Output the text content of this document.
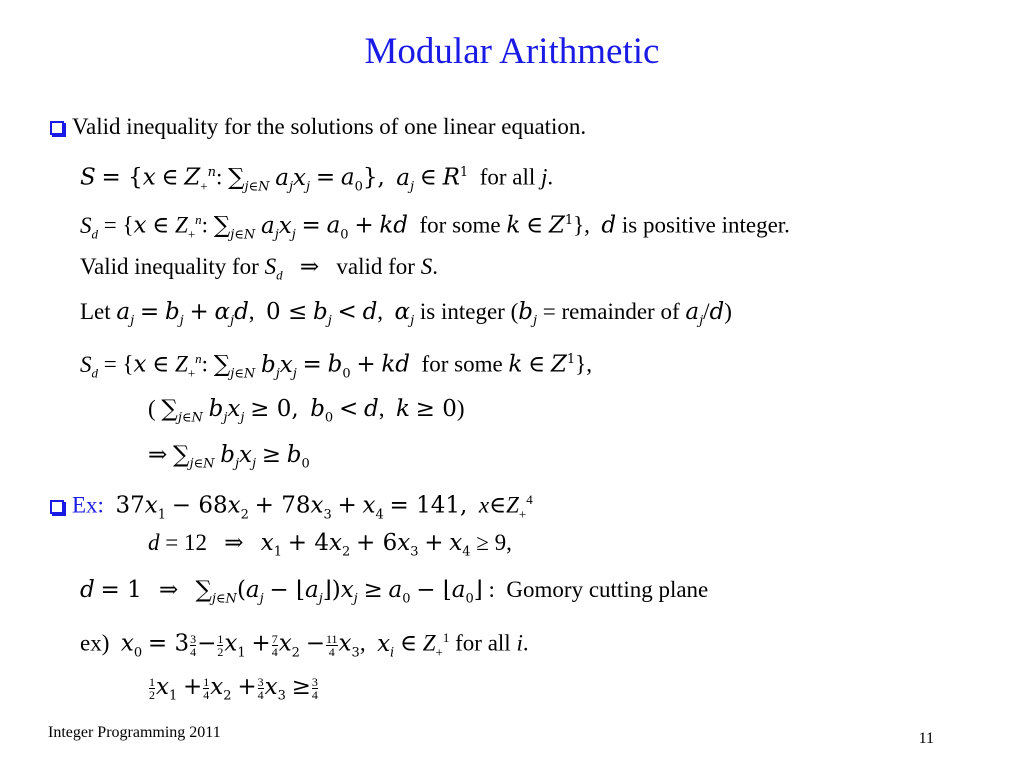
Modular Arithmetic
Valid inequality for the solutions of one linear equation.
S = {x ∈ $Z_+^n$: $\sum_{j\in N}$ $a_jx_j = a_0$}, $a_j$ ∈ $R^1$  for all j.
$S_d = \{x$ ∈ $Z_+^n$: $\sum_{j\in N}$ $a_jx_j = a_0$ + kd  for some k ∈ $Z^1$},  d is positive integer.
Valid inequality for $S_d$   ⇒   valid for S.
Let $a_j = b_j + \alpha_jd$,  $0 \le b_j < d$,  $\alpha_j$ is integer ($b_j$ = remainder of $a_j/d$)
$S_d = \{x$ ∈ $Z_+^n$: $\sum_{j\in N}$ $b_jx_j = b_0$ + kd  for some k ∈ $Z^1$},
( $\sum_{j\in N}$ $b_jx_j \ge 0$, $b_0 < d$,  k ≥ 0)
⇒ $\sum_{j\in N}$ $b_jx_j \ge b_0$
Ex: $37x_1 - 68x_2 + 78x_3 + x_4 = 141$, $x\in Z_+^4$
d = 12   ⇒   $x_1 + 4x_2 + 6x_3 + x_4 \ge 9$,
d = 1   ⇒   $\sum_{j\in N}(a_j$ − $⌊a_j⌋)x_j \ge a_0$ − $⌊a_0⌋$ :  Gomory cutting plane
ex)  $x_0 = 3 \frac{3}{4} - \frac{1}{2} x_1 + \frac{7}{4} x_2 - \frac{11}{4} x_3$,  $x_i$ ∈ $Z_+^1$ for all i.
$\frac{1}{2} x_1 + \frac{1}{4} x_2 + \frac{3}{4} x_3 \ge \frac{3}{4}$
Integer Programming 2011	11
